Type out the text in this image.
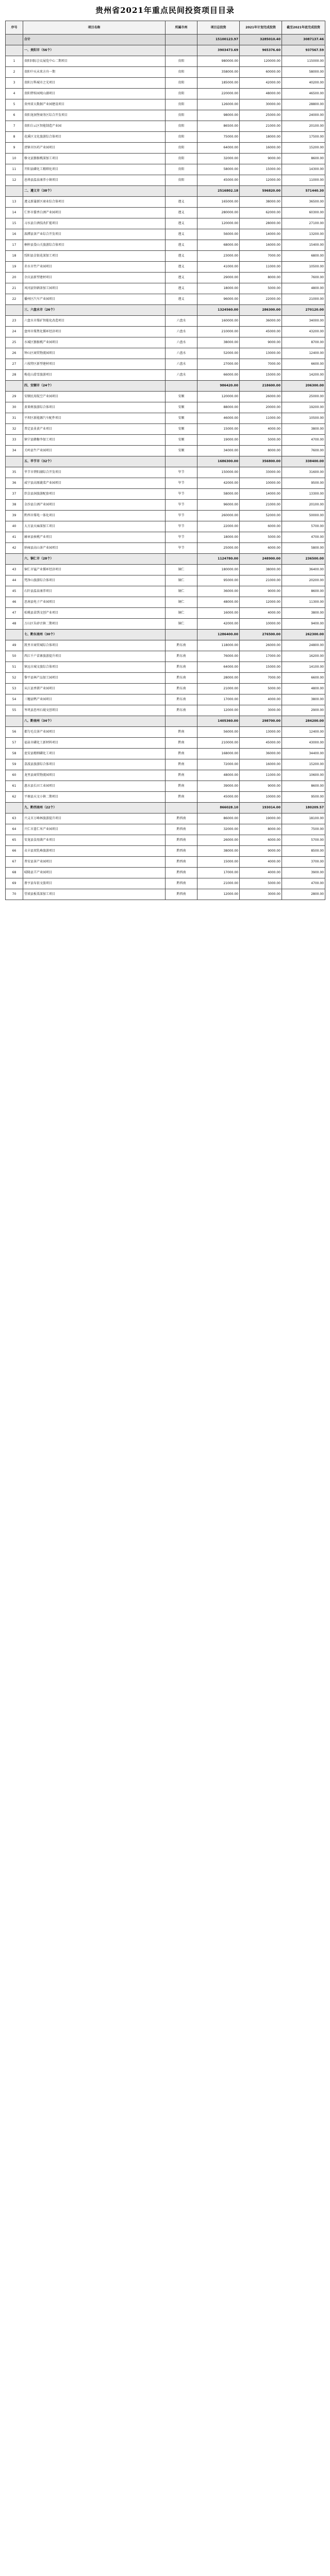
贵州省2021年重点民间投资项目目录
序号	项目名称	所属市州	项目总投资	2021年计划完成投资	截至2021年底完成投资
	合计		15100123.97	3285010.40	3087137.46
	一、贵阳市（56个）		3903473.69	965376.60	937567.59
1	贵阳国际会议展览中心二期项目	贵阳	980000.00	120000.00	115000.00
2	贵阳中天未来方舟一期	贵阳	358000.00	60000.00	58000.00
3	贵阳万科城市之光项目	贵阳	185000.00	42000.00	40200.00
4	贵阳碧桂园观山湖项目	贵阳	220000.00	48000.00	46500.00
5	贵州省大数据产业园建设项目	贵阳	126000.00	30000.00	28800.00
6	贵阳龙洞堡商务区综合开发项目	贵阳	98000.00	25000.00	24000.00
7	贵阳白云区智能制造产业园	贵阳	86500.00	21000.00	20100.00
8	花溪区文化旅游综合体项目	贵阳	75000.00	18000.00	17500.00
9	清镇市医药产业园项目	贵阳	64000.00	16000.00	15200.00
10	修文县猕猴桃深加工项目	贵阳	32000.00	9000.00	8600.00
11	开阳县磷化工精细化项目	贵阳	58000.00	15000.00	14300.00
12	息烽县温泉康养小镇项目	贵阳	45000.00	12000.00	11000.00
	二、遵义市（38个）		2516802.18	596820.00	571440.30
13	遵义新蒲新区商业综合体项目	遵义	165000.00	38000.00	36500.00
14	仁怀市酱香白酒产业园项目	遵义	280000.00	62000.00	60300.00
15	习水县白酒技改扩能项目	遵义	120000.00	28000.00	27100.00
16	湄潭县茶产业综合开发项目	遵义	56000.00	14000.00	13200.00
17	桐梓县娄山关旅游综合体项目	遵义	68000.00	16000.00	15400.00
18	绥阳县金银花深加工项目	遵义	23000.00	7000.00	6800.00
19	赤水市竹产业园项目	遵义	41000.00	11000.00	10500.00
20	余庆县新型建材项目	遵义	29000.00	8000.00	7600.00
21	凤冈县锌硒茶加工园项目	遵义	18000.00	5000.00	4800.00
22	播州区汽车产业园项目	遵义	96000.00	22000.00	21000.00
	三、六盘水市（26个）		1324560.00	286300.00	270120.00
23	六盘水市煤矿智能化改造项目	六盘水	160000.00	36000.00	34000.00
24	盘州市煤焦化循环经济项目	六盘水	210000.00	45000.00	43200.00
25	水城区猕猴桃产业园项目	六盘水	38000.00	9000.00	8700.00
26	钟山区商贸物流园项目	六盘水	52000.00	13000.00	12400.00
27	六枝特区新型建材项目	六盘水	27000.00	7000.00	6600.00
28	梅花山滑雪旅游项目	六盘水	66000.00	15000.00	14200.00
	四、安顺市（24个）		986420.00	218600.00	206300.00
29	安顺民用航空产业园项目	安顺	120000.00	26000.00	25000.00
30	黄果树旅游综合体项目	安顺	88000.00	20000.00	19200.00
31	平坝区新能源汽车配件项目	安顺	46000.00	11000.00	10500.00
32	普定县韭黄产业项目	安顺	15000.00	4000.00	3800.00
33	镇宁县蜂糖李加工项目	安顺	19000.00	5000.00	4700.00
34	关岭县牛产业园项目	安顺	34000.00	8000.00	7600.00
	五、毕节市（32个）		1686300.00	356800.00	338400.00
35	毕节市碧阳湖综合开发项目	毕节	150000.00	33000.00	31600.00
36	威宁县高原蔬菜产业园项目	毕节	42000.00	10000.00	9500.00
37	织金县洞旅游配套项目	毕节	58000.00	14000.00	13300.00
38	金沙县白酒产业园项目	毕节	96000.00	21000.00	20100.00
39	黔西市煤电一体化项目	毕节	260000.00	52000.00	50000.00
40	大方县天麻深加工项目	毕节	22000.00	6000.00	5700.00
41	赫章县核桃产业项目	毕节	18000.00	5000.00	4700.00
42	纳雍县高山茶产业园项目	毕节	25000.00	6000.00	5800.00
	六、铜仁市（28个）		1124780.00	248900.00	236500.00
43	铜仁市锰产业循环经济项目	铜仁	180000.00	38000.00	36400.00
44	梵净山旅游综合体项目	铜仁	95000.00	21000.00	20200.00
45	石阡县温泉康养项目	铜仁	36000.00	9000.00	8600.00
46	思南县电子产业园项目	铜仁	48000.00	12000.00	11300.00
47	松桃县苗绣文创产业项目	铜仁	16000.00	4000.00	3800.00
48	万山区朱砂古镇二期项目	铜仁	42000.00	10000.00	9400.00
	七、黔东南州（30个）		1286400.00	276500.00	262300.00
49	凯里市商贸城综合体项目	黔东南	118000.00	26000.00	24800.00
50	西江千户苗寨旅游提升项目	黔东南	76000.00	17000.00	16200.00
51	镇远古城文旅综合体项目	黔东南	64000.00	15000.00	14100.00
52	黎平县林产品加工园项目	黔东南	28000.00	7000.00	6600.00
53	从江县香猪产业园项目	黔东南	21000.00	5000.00	4800.00
54	三穗县鸭产业园项目	黔东南	17000.00	4000.00	3800.00
55	岑巩县思州石砚文创项目	黔东南	12000.00	3000.00	2900.00
	八、黔南州（34个）		1405360.00	298700.00	284200.00
56	都匀毛尖茶产业园项目	黔南	56000.00	13000.00	12400.00
57	福泉市磷化工新材料项目	黔南	210000.00	45000.00	43000.00
58	瓮安县精细磷化工项目	黔南	168000.00	36000.00	34400.00
59	荔波县旅游综合体项目	黔南	72000.00	16000.00	15200.00
60	龙里县商贸物流园项目	黔南	48000.00	11000.00	10600.00
61	惠水县长田工业园项目	黔南	39000.00	9000.00	8600.00
62	平塘县天文小镇二期项目	黔南	45000.00	10000.00	9500.00
	九、黔西南州（22个）		866028.10	193014.00	180209.57
63	兴义市万峰林旅游提升项目	黔西南	86000.00	19000.00	18100.00
64	兴仁市薏仁米产业园项目	黔西南	32000.00	8000.00	7500.00
65	安龙县食用菌产业项目	黔西南	26000.00	6000.00	5700.00
66	贞丰县双乳峰旅游项目	黔西南	38000.00	9000.00	8500.00
67	普安县茶产业园项目	黔西南	15000.00	4000.00	3700.00
68	晴隆县羊产业园项目	黔西南	17000.00	4000.00	3900.00
69	册亨县布依文旅项目	黔西南	21000.00	5000.00	4700.00
70	望谟县板栗深加工项目	黔西南	12000.00	3000.00	2800.00
